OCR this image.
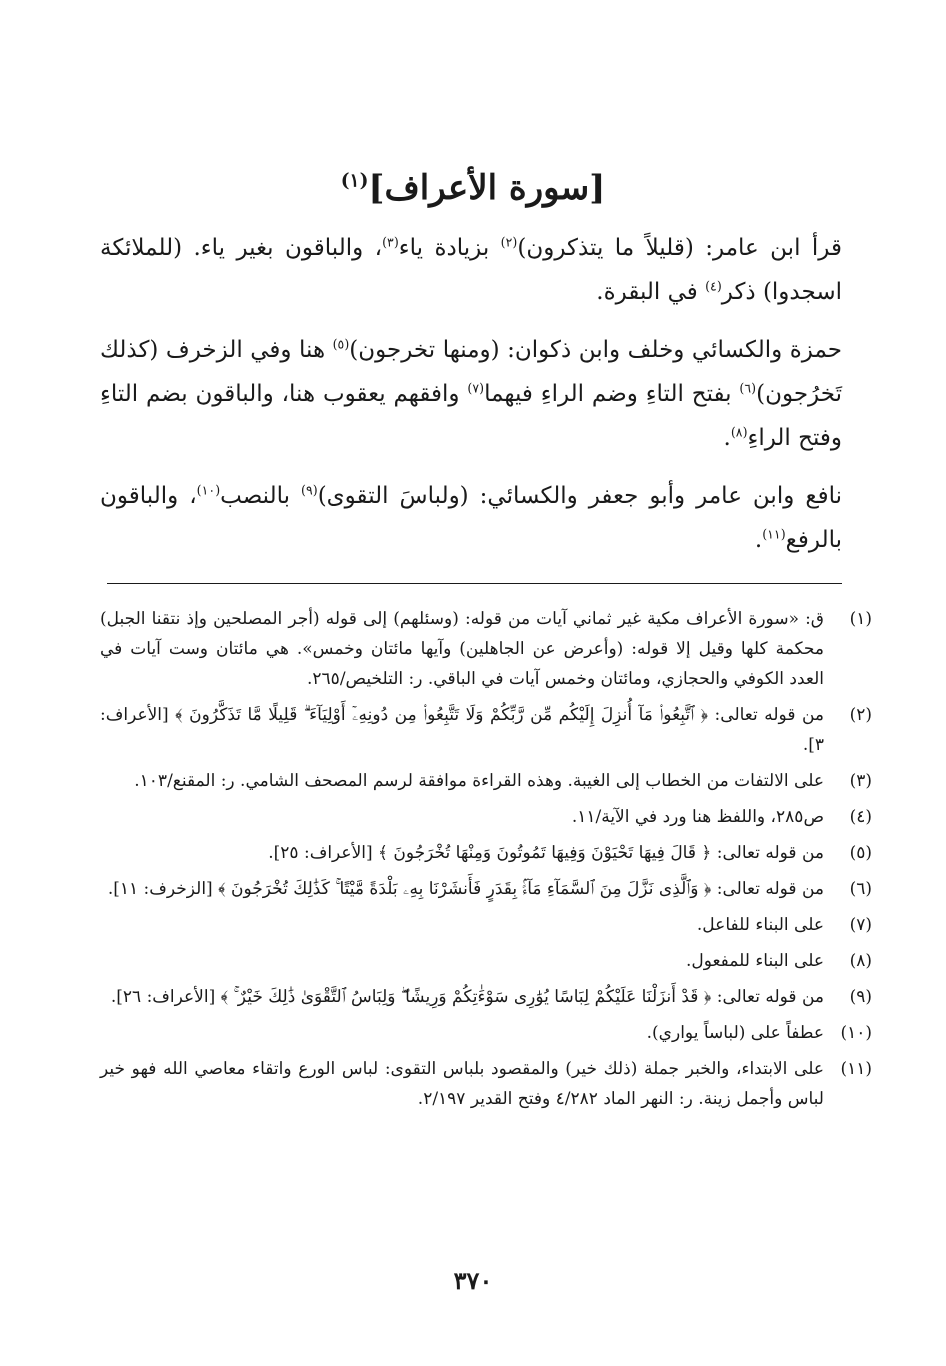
[سورة الأعراف]$^{(١)}$

قرأ ابن عامر: (قليلاً ما يتذكرون)$^{(٢)}$ بزيادة ياء$^{(٣)}$، والباقون بغير ياء. (للملائكة اسجدوا) ذكر$^{(٤)}$ في البقرة.

حمزة والكسائي وخلف وابن ذكوان: (ومنها تخرجون)$^{(٥)}$ هنا وفي الزخرف (كذلك تَخرُجون)$^{(٦)}$ بفتح التاءِ وضم الراءِ فيهما$^{(٧)}$ وافقهم يعقوب هنا، والباقون بضم التاءِ وفتح الراءِ$^{(٨)}$.

نافع وابن عامر وأبو جعفر والكسائي: (ولباسَ التقوى)$^{(٩)}$ بالنصب$^{(١٠)}$، والباقون بالرفع$^{(١١)}$.

(١)
ق: «سورة الأعراف مكية غير ثماني آيات من قوله: (وسئلهم) إلى قوله (أجر المصلحين وإذ نتقنا الجبل) محكمة كلها وقيل إلا قوله: (وأعرض عن الجاهلين) وآيها مائتان وخمس». هي مائتان وست آيات في العدد الكوفي والحجازي، ومائتان وخمس آيات في الباقي. ر: التلخيص/٢٦٥.
(٢)
من قوله تعالى: ﴿ ٱتَّبِعُوا۟ مَآ أُنزِلَ إِلَيْكُم مِّن رَّبِّكُمْ وَلَا تَتَّبِعُوا۟ مِن دُونِهِۦٓ أَوْلِيَآءَ ۗ قَلِيلًا مَّا تَذَكَّرُونَ ﴾ [الأعراف: ٣].
(٣)
على الالتفات من الخطاب إلى الغيبة. وهذه القراءة موافقة لرسم المصحف الشامي. ر: المقنع/١٠٣.
(٤)
ص٢٨٥، واللفظ هنا ورد في الآية/١١.
(٥)
من قوله تعالى: ﴿ قَالَ فِيهَا تَحْيَوْنَ وَفِيهَا تَمُوتُونَ وَمِنْهَا تُخْرَجُونَ ﴾ [الأعراف: ٢٥].
(٦)
من قوله تعالى: ﴿ وَٱلَّذِى نَزَّلَ مِنَ ٱلسَّمَآءِ مَآءًۢ بِقَدَرٍ فَأَنشَرْنَا بِهِۦ بَلْدَةً مَّيْتًا ۚ كَذَٰلِكَ تُخْرَجُونَ ﴾ [الزخرف: ١١].
(٧)
على البناء للفاعل.
(٨)
على البناء للمفعول.
(٩)
من قوله تعالى: ﴿ قَدْ أَنزَلْنَا عَلَيْكُمْ لِبَاسًا يُوَٰرِى سَوْءَٰتِكُمْ وَرِيشًا ۖ وَلِبَاسُ ٱلتَّقْوَىٰ ذَٰلِكَ خَيْرٌ ۚ ﴾ [الأعراف: ٢٦].
(١٠)
عطفاً على (لباساً يواري).
(١١)
على الابتداء، والخبر جملة (ذلك خير) والمقصود بلباس التقوى: لباس الورع واتقاء معاصي الله فهو خير لباس وأجمل زينة. ر: النهر الماد ٤/٢٨٢ وفتح القدير ٢/١٩٧.
٣٧٠
